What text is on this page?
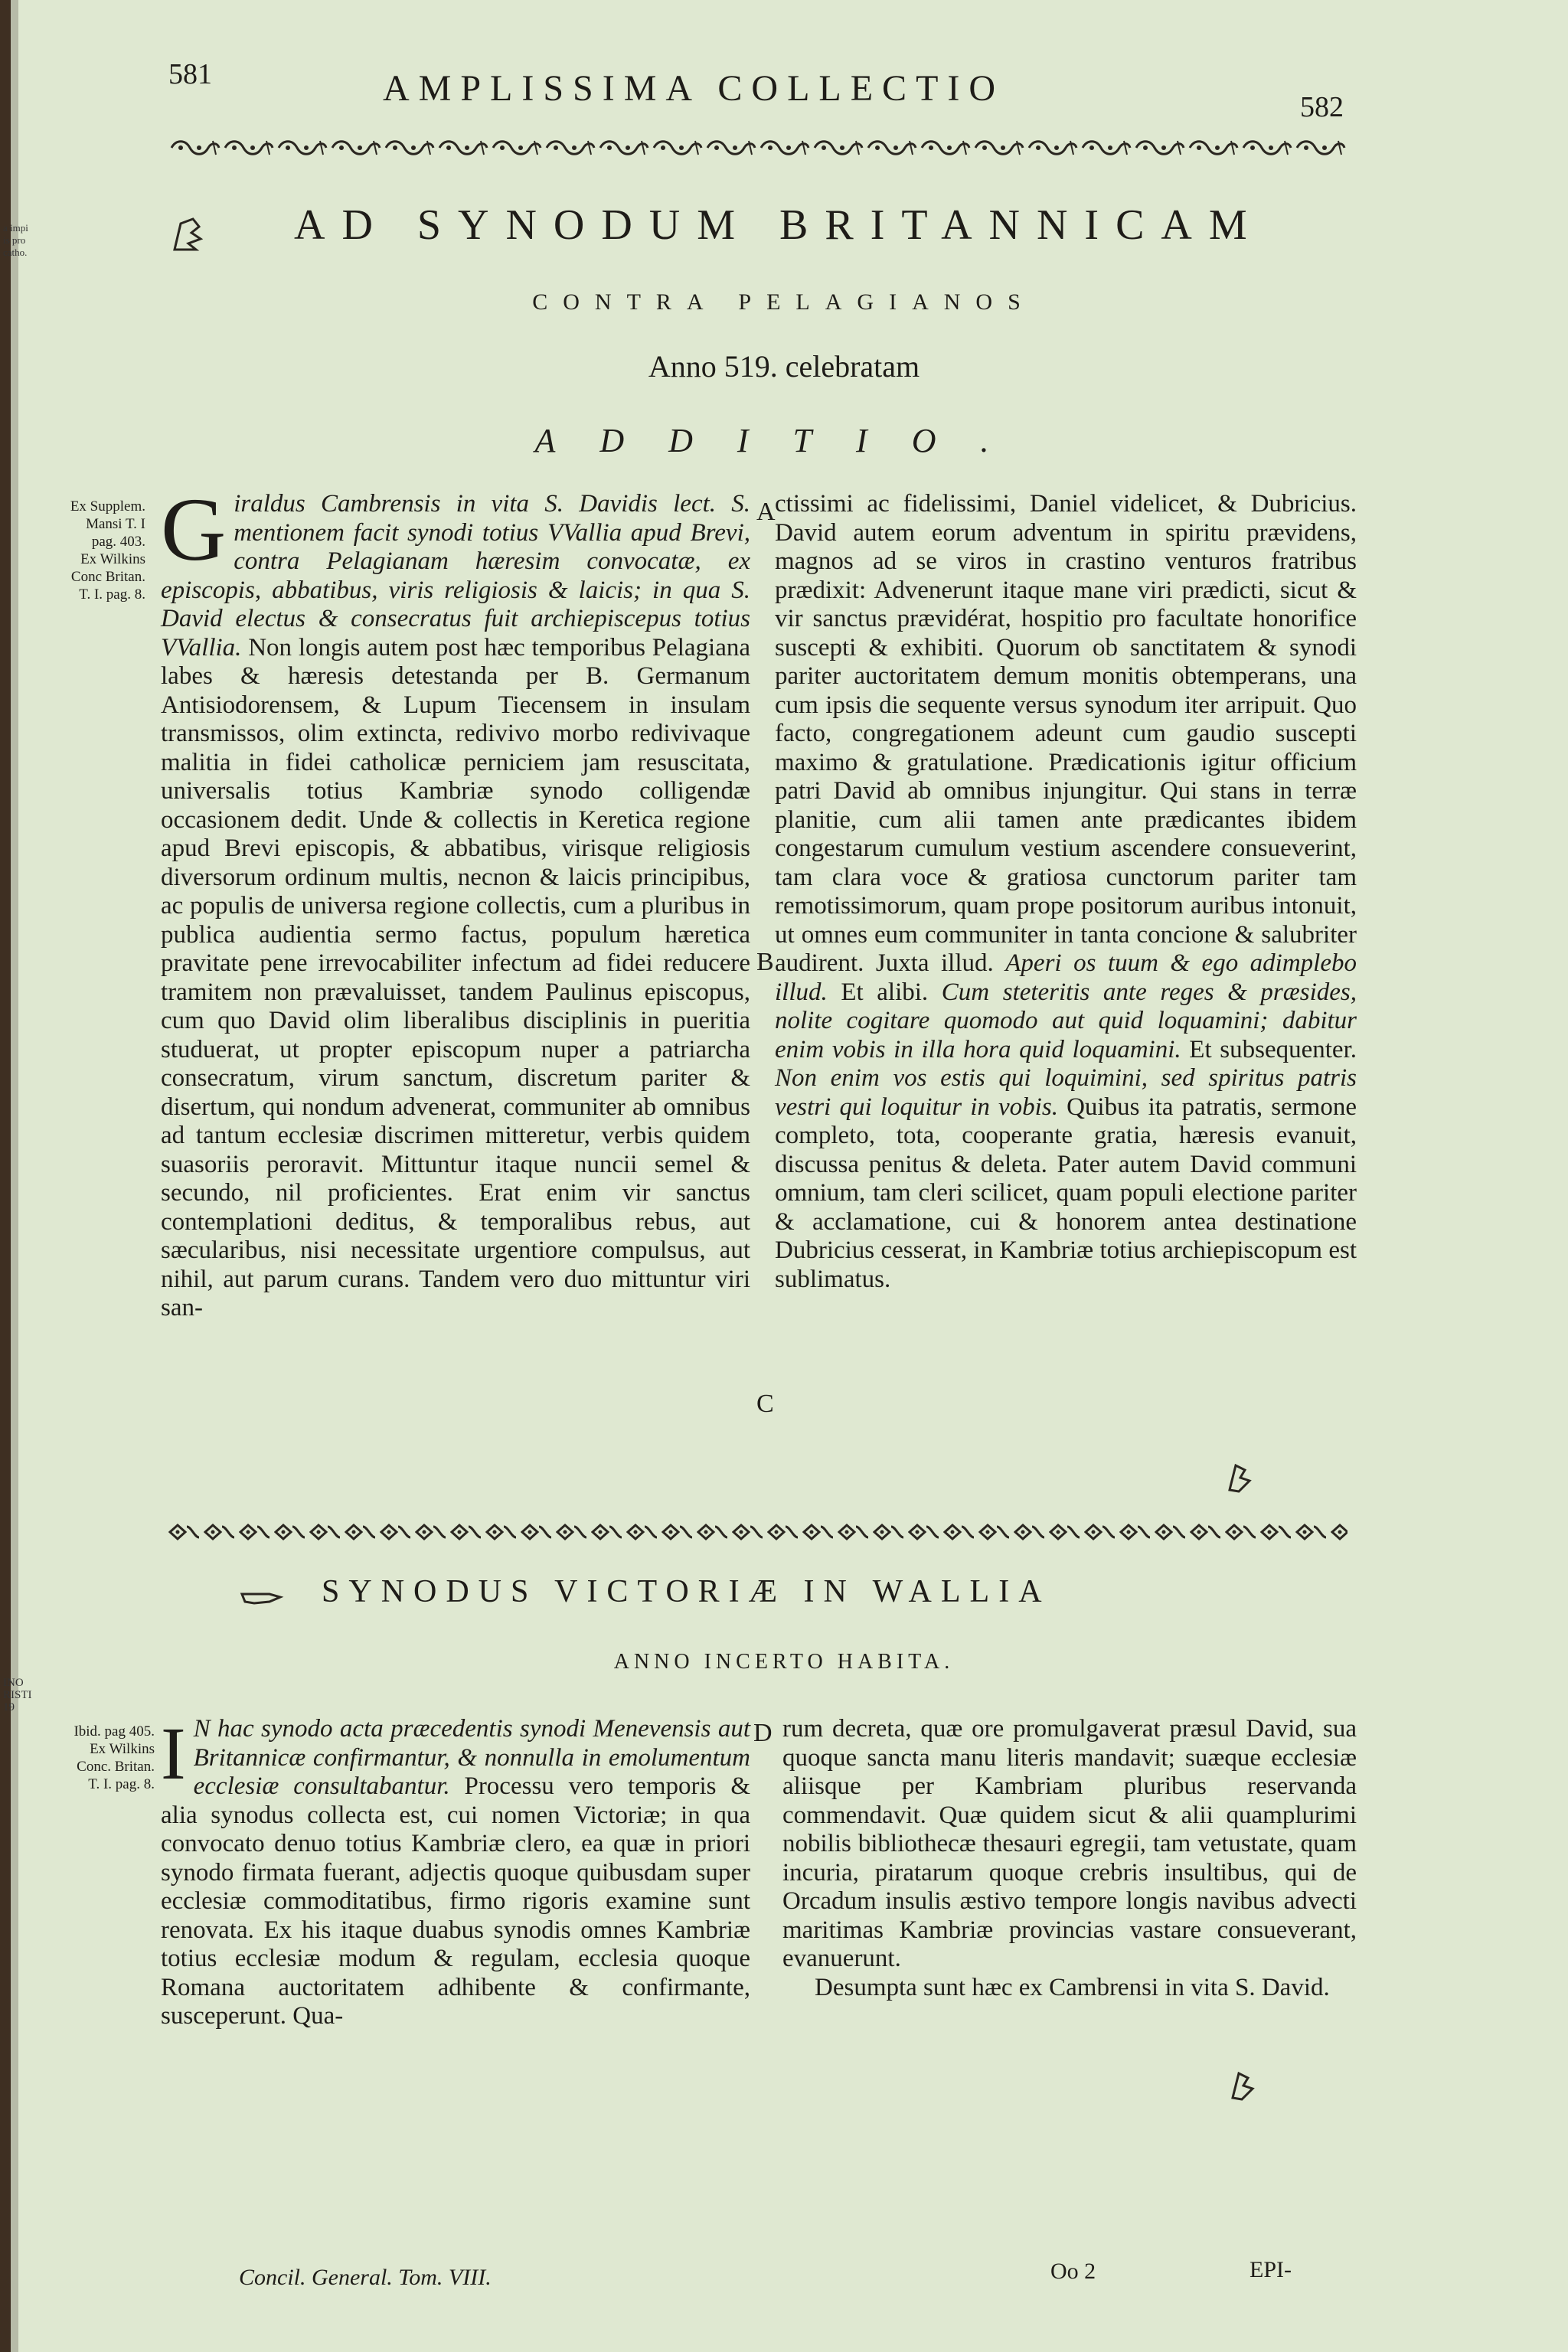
a impi
is pro
catho.
INO
RISTI
19
581	AMPLISSIMA COLLECTIO	582
AD SYNODUM BRITANNICAM
CONTRA PELAGIANOS
Anno 519. celebratam
ADDITIO.
Ex Supplem.
Mansi T. I
pag. 403.
Ex Wilkins
Conc Britan.
T. I. pag. 8.
G iraldus Cambrensis in vita S. Davidis lect. S. mentionem facit synodi totius VVallia apud Brevi, contra Pelagianam hæresim convocatæ, ex episcopis, abbatibus, viris religiosis & laicis; in qua S. David electus & consecratus fuit archiepiscepus totius VVallia. Non longis autem post hæc temporibus Pelagiana labes & hæresis detestanda per B. Germanum Antisiodorensem, & Lupum Tiecensem in insulam transmissos, olim extincta, redivivo morbo redivivaque malitia in fidei catholicæ perniciem jam resuscitata, universalis totius Kambriæ synodo colligendæ occasionem dedit. Unde & collectis in Keretica regione apud Brevi episcopis, & abbatibus, virisque religiosis diversorum ordinum multis, necnon & laicis principibus, ac populis de universa regione collectis, cum a pluribus in publica audientia sermo factus, populum hæretica pravitate pene irrevocabiliter infectum ad fidei reducere tramitem non prævaluisset, tandem Paulinus episcopus, cum quo David olim liberalibus disciplinis in pueritia studuerat, ut propter episcopum nuper a patriarcha consecratum, virum sanctum, discretum pariter & disertum, qui nondum advenerat, communiter ab omnibus ad tantum ecclesiæ discrimen mitteretur, verbis quidem suasoriis peroravit. Mittuntur itaque nuncii semel & secundo, nil proficientes. Erat enim vir sanctus contemplationi deditus, & temporalibus rebus, aut sæcularibus, nisi necessitate urgentiore compulsus, aut nihil, aut parum curans. Tandem vero duo mittuntur viri san-
A
B
C
ctissimi ac fidelissimi, Daniel videlicet, & Dubricius. David autem eorum adventum in spiritu prævidens, magnos ad se viros in crastino venturos fratribus prædixit: Advenerunt itaque mane viri prædicti, sicut & vir sanctus prævidérat, hospitio pro facultate honorifice suscepti & exhibiti. Quorum ob sanctitatem & synodi pariter auctoritatem demum monitis obtemperans, una cum ipsis die sequente versus synodum iter arripuit. Quo facto, congregationem adeunt cum gaudio suscepti maximo & gratulatione. Prædicationis igitur officium patri David ab omnibus injungitur. Qui stans in terræ planitie, cum alii tamen ante prædicantes ibidem congestarum cumulum vestium ascendere consueverint, tam clara voce & gratiosa cunctorum pariter tam remotissimorum, quam prope positorum auribus intonuit, ut omnes eum communiter in tanta concione & salubriter audirent. Juxta illud. Aperi os tuum & ego adimplebo illud. Et alibi. Cum steteritis ante reges & præsides, nolite cogitare quomodo aut quid loquamini; dabitur enim vobis in illa hora quid loquamini. Et subsequenter. Non enim vos estis qui loquimini, sed spiritus patris vestri qui loquitur in vobis. Quibus ita patratis, sermone completo, tota, cooperante gratia, hæresis evanuit, discussa penitus & deleta. Pater autem David communi omnium, tam cleri scilicet, quam populi electione pariter & acclamatione, cui & honorem antea destinatione Dubricius cesserat, in Kambriæ totius archiepiscopum est sublimatus.
SYNODUS VICTORIÆ IN WALLIA
ANNO INCERTO HABITA.
Ibid. pag 405.
Ex Wilkins
Conc. Britan.
T. I. pag. 8. I N hac synodo acta præcedentis synodi Menevensis aut Britannicæ confirmantur, & nonnulla in emolumentum ecclesiæ consultabantur. Processu vero temporis & alia synodus collecta est, cui nomen Victoriæ; in qua convocato denuo totius Kambriæ clero, ea quæ in priori synodo firmata fuerant, adjectis quoque quibusdam super ecclesiæ commoditatibus, firmo rigoris examine sunt renovata. Ex his itaque duabus synodis omnes Kambriæ totius ecclesiæ modum & regulam, ecclesia quoque Romana auctoritatem adhibente & confirmante, susceperunt. Qua-
D rum decreta, quæ ore promulgaverat præsul David, sua quoque sancta manu literis mandavit; suæque ecclesiæ aliisque per Kambriam pluribus reservanda commendavit. Quæ quidem sicut & alii quamplurimi nobilis bibliothecæ thesauri egregii, tam vetustate, quam incuria, piratarum quoque crebris insultibus, qui de Orcadum insulis æstivo tempore longis navibus advecti maritimas Kambriæ provincias vastare consueverant, evanuerunt.

Desumpta sunt hæc ex Cambrensi in vita S. David.

Concil. General. Tom. VIII.	Oo 2	EPI-
